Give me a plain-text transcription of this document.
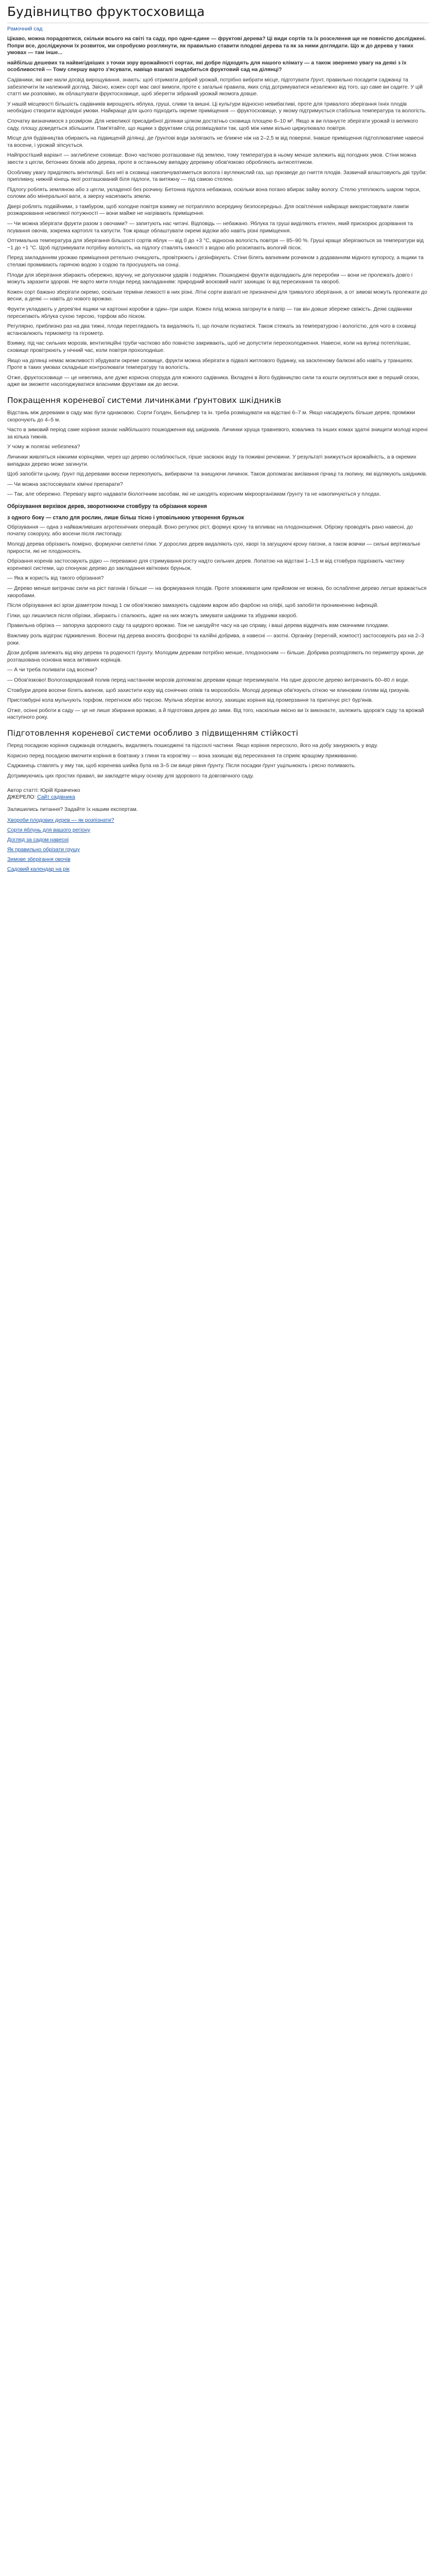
Будівництво фруктосховища
Рамочний сад

Цікаво, можна порадовтися, скільки всього на світі та саду, про одне-єдине — фруктові дерева? Ці види сортів та їх розселення ще не повністю досліджені. Попри все, досліджуючи їх розвиток, ми спробуємо розглянути, як правильно ставити плодові дерева та як за ними доглядати. Що ж до дерева у таких умовах — там інше...

найбільш дешевих та найвигідніших з точки зору врожайності сортах, які добре підходять для нашого клімату — а також звернемо увагу на деякі з їх особливостей — Тому спершу варто з'ясувати, навіщо взагалі знадобиться фруктовий сад на ділянці?

Садівники, які вже мали досвід вирощування, знають: щоб отримати добрий урожай, потрібно вибрати місце, підготувати ґрунт, правильно посадити саджанці та забезпечити їм належний догляд. Звісно, кожен сорт має свої вимоги, проте є загальні правила, яких слід дотримуватися незалежно від того, що саме ви садите. У цій статті ми розповімо, як облаштувати фруктосховище, щоб зберегти зібраний урожай якомога довше.

У нашій місцевості більшість садівників вирощують яблука, груші, сливи та вишні. Ці культури відносно невибагливі, проте для тривалого зберігання їхніх плодів необхідно створити відповідні умови. Найкраще для цього підходить окреме приміщення — фруктосховище, у якому підтримується стабільна температура та вологість.

Спочатку визначимося з розміром. Для невеликої присадибної ділянки цілком достатньо сховища площею 6–10 м². Якщо ж ви плануєте зберігати урожай із великого саду, площу доведеться збільшити. Пам'ятайте, що ящики з фруктами слід розміщувати так, щоб між ними вільно циркулювало повітря.

Місце для будівництва обирають на підвищеній ділянці, де ґрунтові води залягають не ближче ніж на 2–2,5 м від поверхні. Інакше приміщення підтоплюватиме навесні та восени, і урожай зіпсується.

Найпростіший варіант — заглиблене сховище. Воно частково розташоване під землею, тому температура в ньому менше залежить від погодних умов. Стіни можна звести з цегли, бетонних блоків або дерева, проте в останньому випадку деревину обов'язково обробляють антисептиком.

Особливу увагу приділяють вентиляції. Без неї в сховищі накопичуватиметься волога і вуглекислий газ, що призведе до гниття плодів. Зазвичай влаштовують дві труби: припливну, нижній кінець якої розташований біля підлоги, та витяжну — під самою стелею.

Підлогу роблять земляною або з цегли, укладеної без розчину. Бетонна підлога небажана, оскільки вона погано вбирає зайву вологу. Стелю утеплюють шаром тирси, соломи або мінеральної вати, а зверху насипають землю.

Двері роблять подвійними, з тамбуром, щоб холодне повітря взимку не потрапляло всередину безпосередньо. Для освітлення найкраще використовувати лампи розжарювання невеликої потужності — вони майже не нагрівають приміщення.

— Чи можна зберігати фрукти разом з овочами? — запитують нас читачі. Відповідь — небажано. Яблука та груші виділяють етилен, який прискорює дозрівання та псування овочів, зокрема картоплі та капусти. Тож краще облаштувати окремі відсіки або навіть різні приміщення.

Оптимальна температура для зберігання більшості сортів яблук — від 0 до +3 °С, відносна вологість повітря — 85–90 %. Груші краще зберігаються за температури від −1 до +1 °С. Щоб підтримувати потрібну вологість, на підлогу ставлять ємності з водою або розсипають вологий пісок.

Перед закладанням урожаю приміщення ретельно очищують, провітрюють і дезінфікують. Стіни білять вапняним розчином з додаванням мідного купоросу, а ящики та стелажі промивають гарячою водою з содою та просушують на сонці.

Плоди для зберігання збирають обережно, вручну, не допускаючи ударів і подряпин. Пошкоджені фрукти відкладають для переробки — вони не пролежать довго і можуть заразити здорові. Не варто мити плоди перед закладанням: природний восковий наліт захищає їх від пересихання та хвороб.

Кожен сорт бажано зберігати окремо, оскільки терміни лежкості в них різні. Літні сорти взагалі не призначені для тривалого зберігання, а от зимові можуть пролежати до весни, а деякі — навіть до нового врожаю.

Фрукти укладають у дерев'яні ящики чи картонні коробки в один–три шари. Кожен плід можна загорнути в папір — так він довше збереже свіжість. Деякі садівники пересипають яблука сухою тирсою, торфом або піском.

Регулярно, приблизно раз на два тижні, плоди переглядають та видаляють ті, що почали псуватися. Також стежать за температурою і вологістю, для чого в сховищі встановлюють термометр та гігрометр.

Взимку, під час сильних морозів, вентиляційні труби частково або повністю закривають, щоб не допустити переохолодження. Навесні, коли на вулиці потеплішає, сховище провітрюють у нічний час, коли повітря прохолодніше.

Якщо на ділянці немає можливості збудувати окреме сховище, фрукти можна зберігати в підвалі житлового будинку, на заскленому балконі або навіть у траншеях. Проте в таких умовах складніше контролювати температуру та вологість.

Отже, фруктосховище — це невелика, але дуже корисна споруда для кожного садівника. Вкладені в його будівництво сили та кошти окупляться вже в перший сезон, адже ви зможете насолоджуватися власними фруктами аж до весни.

Покращення кореневої системи личинками ґрунтових шкідників

Відстань між деревами в саду має бути однаковою. Сорти Голден, Бельфлер та ін. треба розміщувати на відстані 6–7 м. Якщо насаджують більше дерев, проміжки скорочують до 4–5 м.

Часто в зимовий період саме коріння зазнає найбільшого пошкодження від шкідників. Личинки хруща травневого, ковалика та інших комах здатні знищити молоді корені за кілька тижнів.

У чому ж полягає небезпека?

Личинки живляться ніжними корінцями, через що дерево ослаблюється, гірше засвоює воду та поживні речовини. У результаті знижується врожайність, а в окремих випадках дерево може загинути.

Щоб запобігти цьому, ґрунт під деревами восени перекопують, вибираючи та знищуючи личинок. Також допомагає висівання гірчиці та люпину, які відлякують шкідників.

— Чи можна застосовувати хімічні препарати?

— Так, але обережно. Перевагу варто надавати біологічним засобам, які не шкодять корисним мікроорганізмам ґрунту та не накопичуються у плодах.

Обрізування верхівок дерев, зворотнюючи стовбуру та обрізання кореня
з одного боку — стало для рослин, лише більш тісно і уповільнюю утворення бруньок

Обрізування — одна з найважливіших агротехнічних операцій. Воно регулює ріст, формує крону та впливає на плодоношення. Обрізку проводять рано навесні, до початку сокоруху, або восени після листопаду.

Молоді дерева обрізають помірно, формуючи скелетні гілки. У дорослих дерев видаляють сухі, хворі та загущуючі крону пагони, а також вовчки — сильні вертикальні прирости, які не плодоносять.

Обрізання коренів застосовують рідко — переважно для стримування росту надто сильних дерев. Лопатою на відстані 1–1,5 м від стовбура підрізають частину кореневої системи, що спонукає дерево до закладання квіткових бруньок.

— Яка ж користь від такого обрізання?

— Дерево менше витрачає сили на ріст пагонів і більше — на формування плодів. Проте зловживати цим прийомом не можна, бо ослаблене дерево легше вражається хворобами.

Після обрізування всі зрізи діаметром понад 1 см обов'язково замазують садовим варом або фарбою на оліфі, щоб запобігти проникненню інфекцій.

Гілки, що лишилися після обрізки, збирають і спалюють, адже на них можуть зимувати шкідники та збудники хвороб.

Правильна обрізка — запорука здорового саду та щедрого врожаю. Тож не шкодуйте часу на цю справу, і ваші дерева віддячать вам смачними плодами.

Важливу роль відіграє підживлення. Восени під дерева вносять фосфорні та калійні добрива, а навесні — азотні. Органіку (перегній, компост) застосовують раз на 2–3 роки.

Дози добрив залежать від віку дерева та родючості ґрунту. Молодим деревам потрібно менше, плодоносним — більше. Добрива розподіляють по периметру крони, де розташована основна маса активних корінців.

— А чи треба поливати сад восени?

— Обов'язково! Вологозарядковий полив перед настанням морозів допомагає деревам краще перезимувати. На одне доросле дерево витрачають 60–80 л води.

Стовбури дерев восени білять вапном, щоб захистити кору від сонячних опіків та морозобоїн. Молоді деревця обв'язують сіткою чи ялиновим гіллям від гризунів.

Пристовбурні кола мульчують торфом, перегноєм або тирсою. Мульча зберігає вологу, захищає коріння від промерзання та пригнічує ріст бур'янів.

Отже, осінні роботи в саду — це не лише збирання врожаю, а й підготовка дерев до зими. Від того, наскільки якісно ви їх виконаєте, залежить здоров'я саду та врожай наступного року.

Підготовлення кореневої системи особливо з підвищенням стійкості

Перед посадкою коріння саджанців оглядають, видаляють пошкоджені та підсохлі частини. Якщо коріння пересохло, його на добу занурюють у воду.

Корисно перед посадкою вмочити коріння в бовтанку з глини та коров'яку — вона захищає від пересихання та сприяє кращому приживанню.

Саджанець ставлять у яму так, щоб коренева шийка була на 3–5 см вище рівня ґрунту. Після посадки ґрунт ущільнюють і рясно поливають.

Дотримуючись цих простих правил, ви закладете міцну основу для здорового та довговічного саду.

Автор статті: Юрій Кравченко
ДЖЕРЕЛО: Сайт садівника

Залишились питання? Задайте їх нашим експертам.

Хвороби плодових дерев — як розпізнати?
Сорти яблунь для вашого регіону
Догляд за садом навесні
Як правильно обрізати грушу
Зимове зберігання овочів
Садовий календар на рік
